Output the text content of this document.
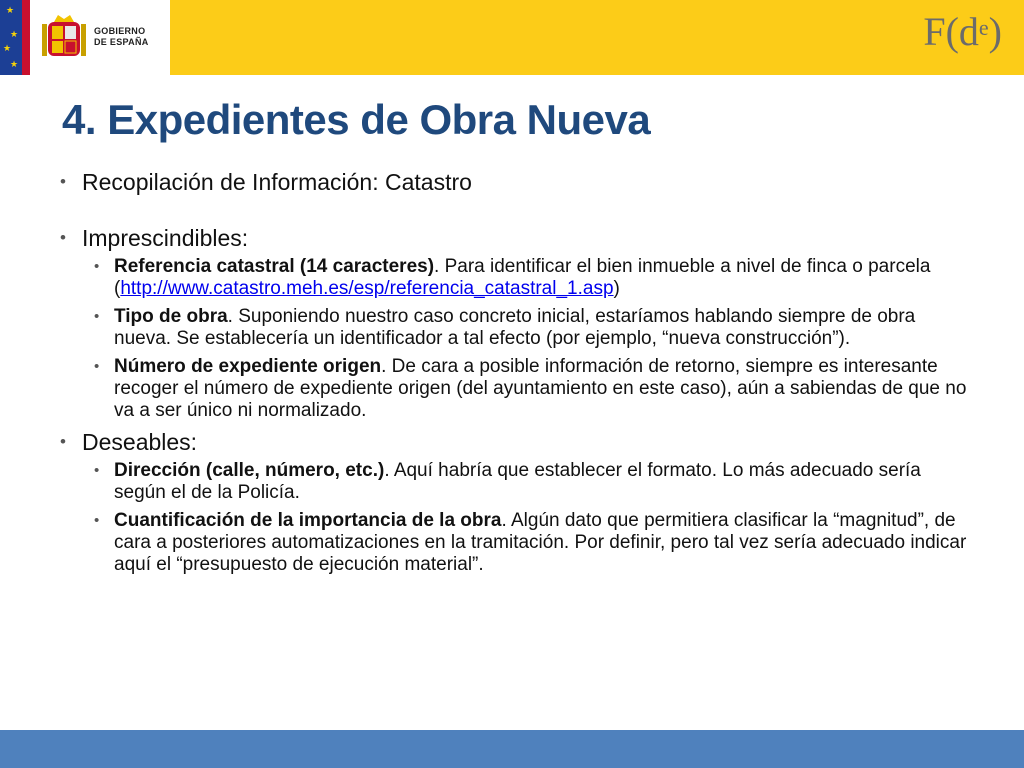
★
★
★
★
GOBIERNO
DE ESPAÑA	$F(d^e)$
4. Expedientes de Obra Nueva

• Recopilación de Información: Catastro

• Imprescindibles:

• Referencia catastral (14 caracteres). Para identificar el bien inmueble a nivel de finca o parcela (http://www.catastro.meh.es/esp/referencia_catastral_1.asp)

• Tipo de obra. Suponiendo nuestro caso concreto inicial, estaríamos hablando siempre de obra nueva. Se establecería un identificador a tal efecto (por ejemplo, “nueva construcción”).

• Número de expediente origen. De cara a posible información de retorno, siempre es interesante recoger el número de expediente origen (del ayuntamiento en este caso), aún a sabiendas de que no va a ser único ni normalizado.

• Deseables:

• Dirección (calle, número, etc.). Aquí habría que establecer el formato. Lo más adecuado sería según el de la Policía.

• Cuantificación de la importancia de la obra. Algún dato que permitiera clasificar la “magnitud”, de cara a posteriores automatizaciones en la tramitación. Por definir, pero tal vez sería adecuado indicar aquí el “presupuesto de ejecución material”.
